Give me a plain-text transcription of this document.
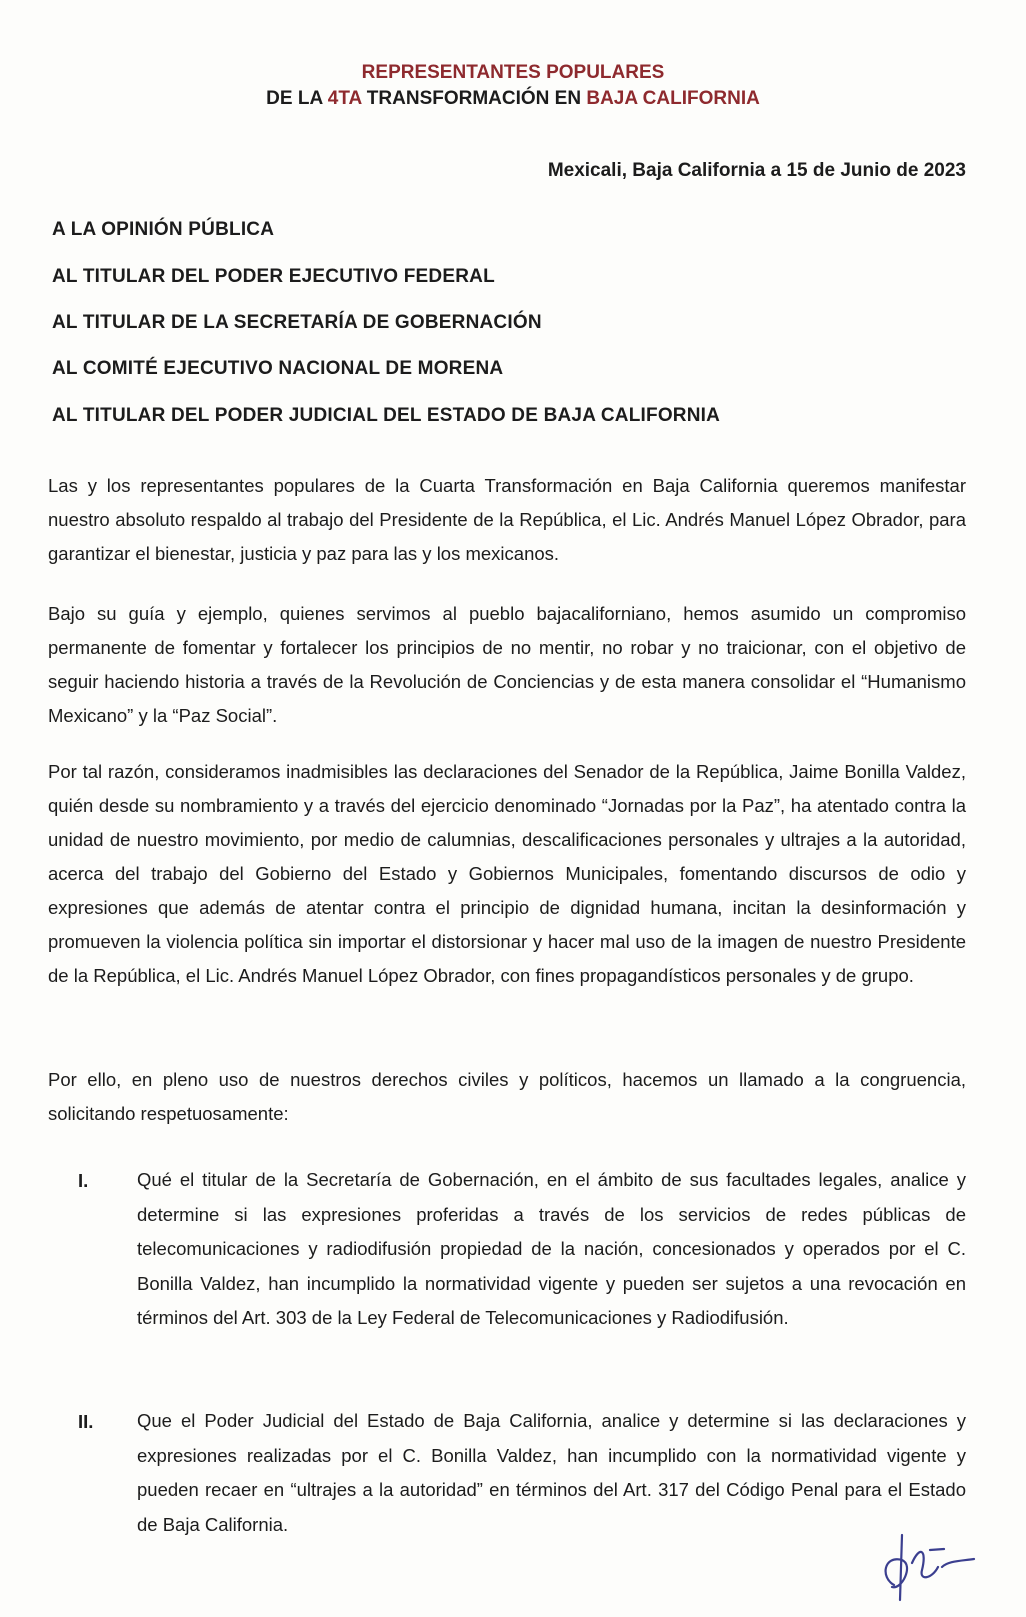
REPRESENTANTES POPULARES
DE LA 4TA TRANSFORMACIÓN EN BAJA CALIFORNIA
Mexicali, Baja California a 15 de Junio de 2023
A LA OPINIÓN PÚBLICA
AL TITULAR DEL PODER EJECUTIVO FEDERAL
AL TITULAR DE LA SECRETARÍA DE GOBERNACIÓN
AL COMITÉ EJECUTIVO NACIONAL DE MORENA
AL TITULAR DEL PODER JUDICIAL DEL ESTADO DE BAJA CALIFORNIA
Las y los representantes populares de la Cuarta Transformación en Baja California queremos manifestar nuestro absoluto respaldo al trabajo del Presidente de la República, el Lic. Andrés Manuel López Obrador, para garantizar el bienestar, justicia y paz para las y los mexicanos.
Bajo su guía y ejemplo, quienes servimos al pueblo bajacaliforniano, hemos asumido un compromiso permanente de fomentar y fortalecer los principios de no mentir, no robar y no traicionar, con el objetivo de seguir haciendo historia a través de la Revolución de Conciencias y de esta manera consolidar el “Humanismo Mexicano” y la “Paz Social”.
Por tal razón, consideramos inadmisibles las declaraciones del Senador de la República, Jaime Bonilla Valdez, quién desde su nombramiento y a través del ejercicio denominado “Jornadas por la Paz”, ha atentado contra la unidad de nuestro movimiento, por medio de calumnias, descalificaciones personales y ultrajes a la autoridad, acerca del trabajo del Gobierno del Estado y Gobiernos Municipales, fomentando discursos de odio y expresiones que además de atentar contra el principio de dignidad humana, incitan la desinformación y promueven la violencia política sin importar el distorsionar y hacer mal uso de la imagen de nuestro Presidente de la República, el Lic. Andrés Manuel López Obrador, con fines propagandísticos personales y de grupo.
Por ello, en pleno uso de nuestros derechos civiles y políticos, hacemos un llamado a la congruencia, solicitando respetuosamente:
I.	Qué el titular de la Secretaría de Gobernación, en el ámbito de sus facultades legales, analice y determine si las expresiones proferidas a través de los servicios de redes públicas de telecomunicaciones y radiodifusión propiedad de la nación, concesionados y operados por el C. Bonilla Valdez, han incumplido la normatividad vigente y pueden ser sujetos a una revocación en términos del Art. 303 de la Ley Federal de Telecomunicaciones y Radiodifusión.
II. Que el Poder Judicial del Estado de Baja California, analice y determine si las declaraciones y expresiones realizadas por el C. Bonilla Valdez, han incumplido con la normatividad vigente y pueden recaer en “ultrajes a la autoridad” en términos del Art. 317 del Código Penal para el Estado de Baja California.
